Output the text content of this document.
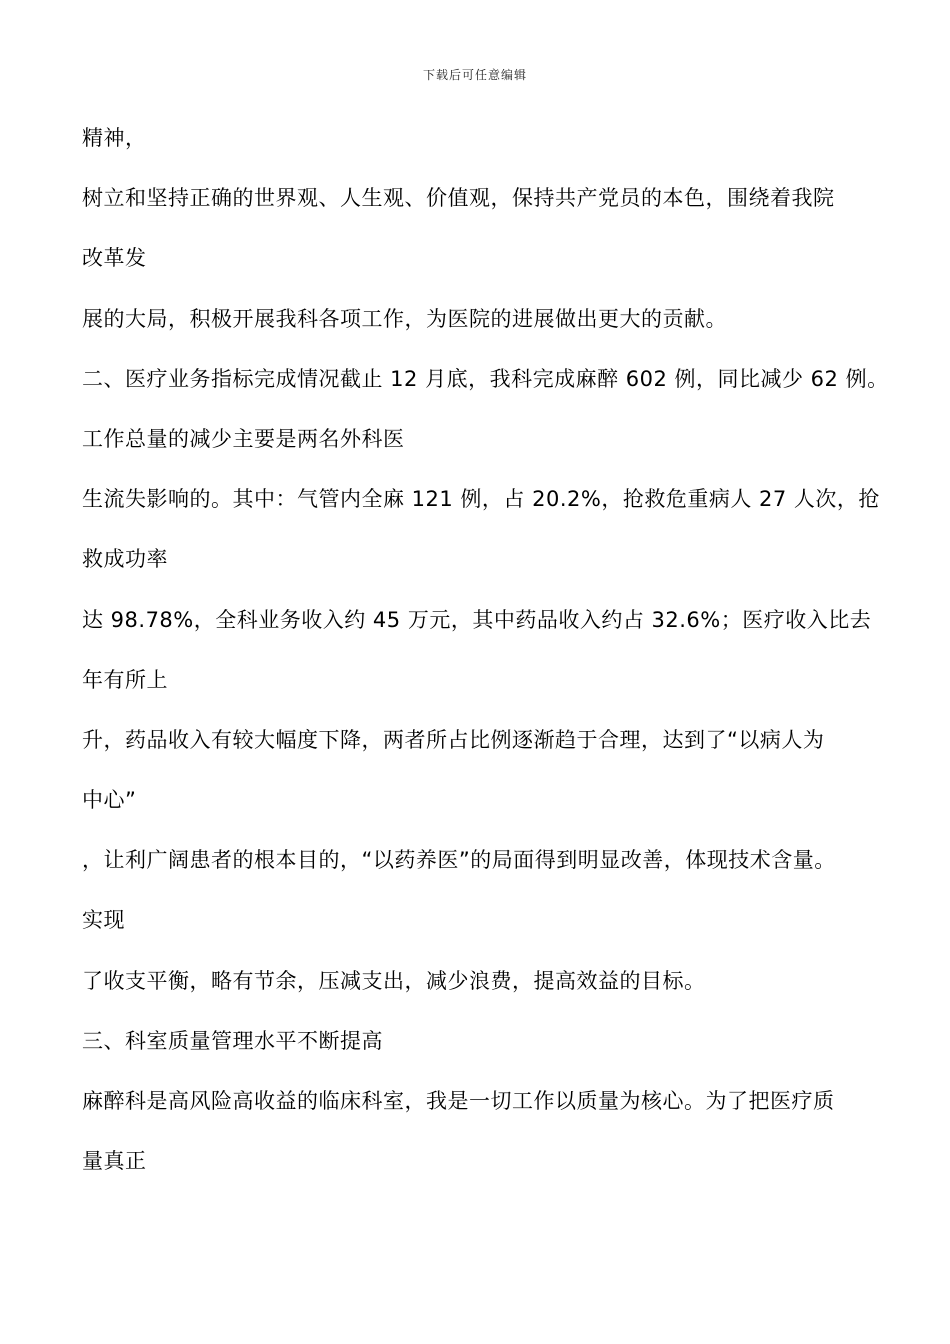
下载后可任意编辑
精神，
树立和坚持正确的世界观、人生观、价值观，保持共产党员的本色，围绕着我院
改革发
展的大局，积极开展我科各项工作，为医院的进展做出更大的贡献。
二、医疗业务指标完成情况截止 12 月底，我科完成麻醉 602 例，同比减少 62 例。
工作总量的减少主要是两名外科医
生流失影响的。其中：气管内全麻 121 例，占 20.2%，抢救危重病人 27 人次，抢
救成功率
达 98.78%，全科业务收入约 45 万元，其中药品收入约占 32.6%；医疗收入比去
年有所上
升，药品收入有较大幅度下降，两者所占比例逐渐趋于合理，达到了“以病人为
中心”
，让利广阔患者的根本目的，“以药养医”的局面得到明显改善，体现技术含量。
实现
了收支平衡，略有节余，压减支出，减少浪费，提高效益的目标。
三、科室质量管理水平不断提高
麻醉科是高风险高收益的临床科室，我是一切工作以质量为核心。为了把医疗质
量真正
